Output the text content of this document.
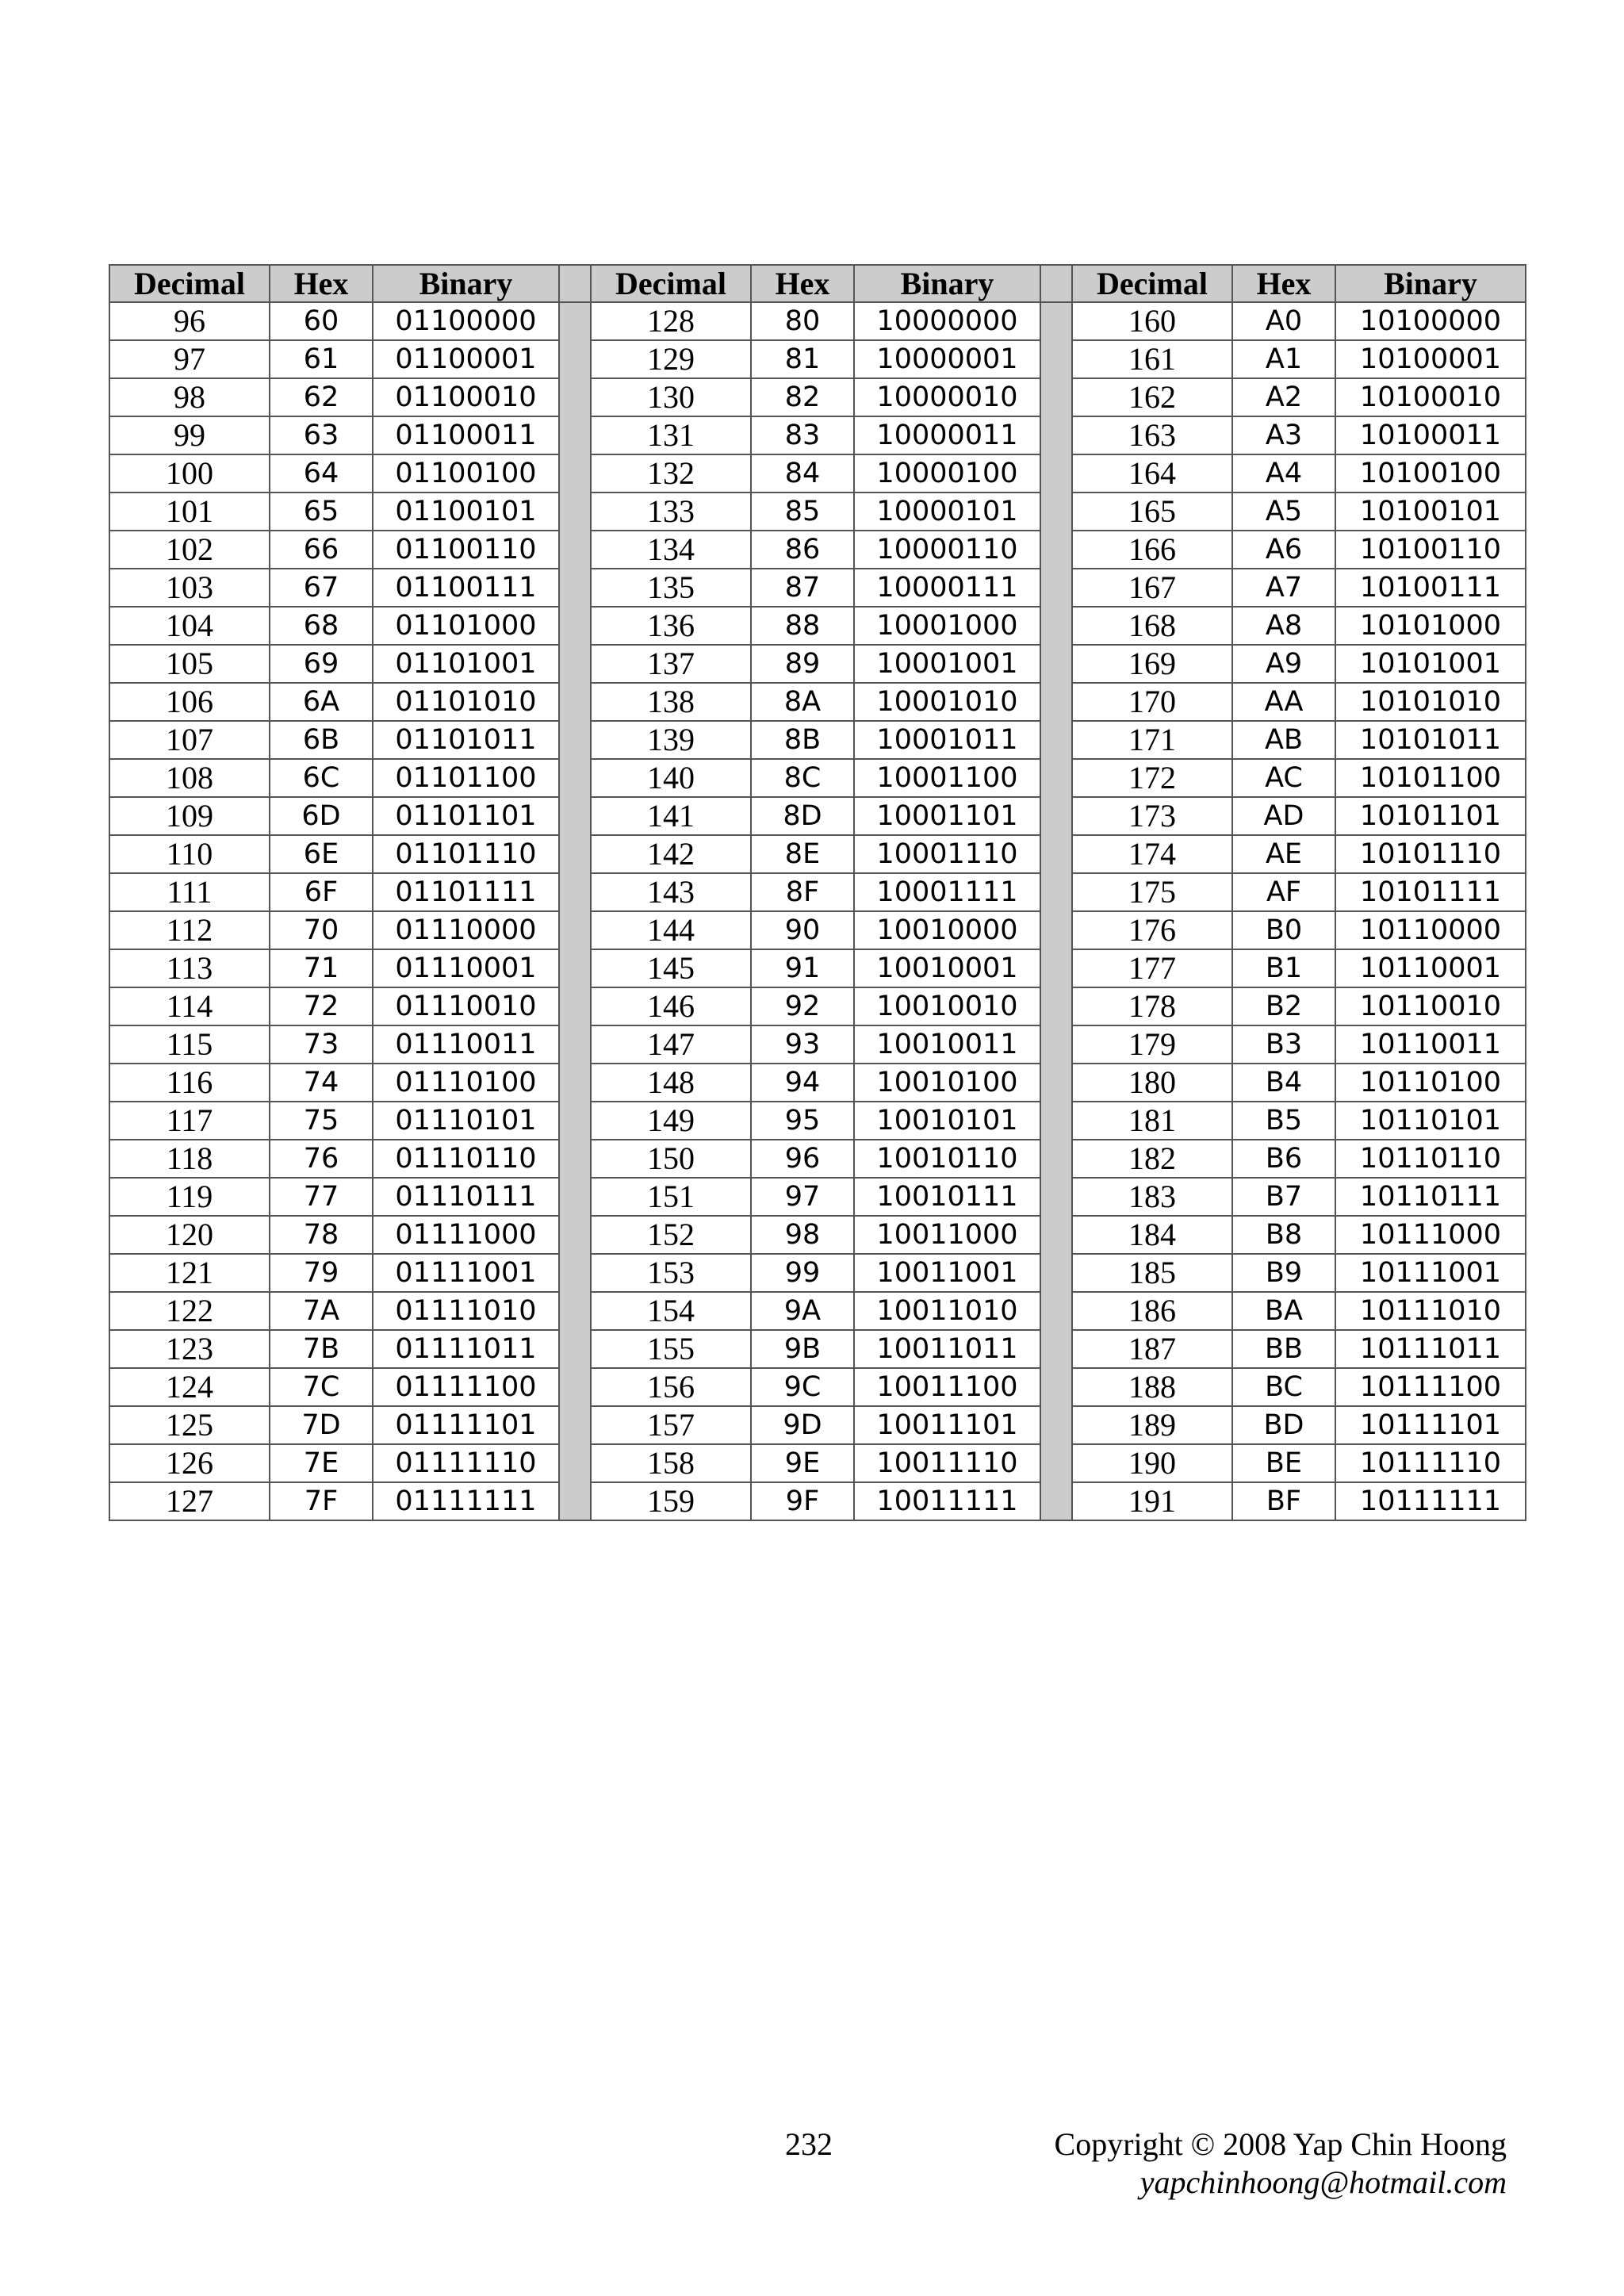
Decimal	Hex	Binary		Decimal	Hex	Binary		Decimal	Hex	Binary
96	60	01100000		128	80	10000000		160	A0	10100000
97	61	01100001		129	81	10000001		161	A1	10100001
98	62	01100010		130	82	10000010		162	A2	10100010
99	63	01100011		131	83	10000011		163	A3	10100011
100	64	01100100		132	84	10000100		164	A4	10100100
101	65	01100101		133	85	10000101		165	A5	10100101
102	66	01100110		134	86	10000110		166	A6	10100110
103	67	01100111		135	87	10000111		167	A7	10100111
104	68	01101000		136	88	10001000		168	A8	10101000
105	69	01101001		137	89	10001001		169	A9	10101001
106	6A	01101010		138	8A	10001010		170	AA	10101010
107	6B	01101011		139	8B	10001011		171	AB	10101011
108	6C	01101100		140	8C	10001100		172	AC	10101100
109	6D	01101101		141	8D	10001101		173	AD	10101101
110	6E	01101110		142	8E	10001110		174	AE	10101110
111	6F	01101111		143	8F	10001111		175	AF	10101111
112	70	01110000		144	90	10010000		176	B0	10110000
113	71	01110001		145	91	10010001		177	B1	10110001
114	72	01110010		146	92	10010010		178	B2	10110010
115	73	01110011		147	93	10010011		179	B3	10110011
116	74	01110100		148	94	10010100		180	B4	10110100
117	75	01110101		149	95	10010101		181	B5	10110101
118	76	01110110		150	96	10010110		182	B6	10110110
119	77	01110111		151	97	10010111		183	B7	10110111
120	78	01111000		152	98	10011000		184	B8	10111000
121	79	01111001		153	99	10011001		185	B9	10111001
122	7A	01111010		154	9A	10011010		186	BA	10111010
123	7B	01111011		155	9B	10011011		187	BB	10111011
124	7C	01111100		156	9C	10011100		188	BC	10111100
125	7D	01111101		157	9D	10011101		189	BD	10111101
126	7E	01111110		158	9E	10011110		190	BE	10111110
127	7F	01111111		159	9F	10011111		191	BF	10111111
232	Copyright © 2008 Yap Chin Hoong
yapchinhoong@hotmail.com
